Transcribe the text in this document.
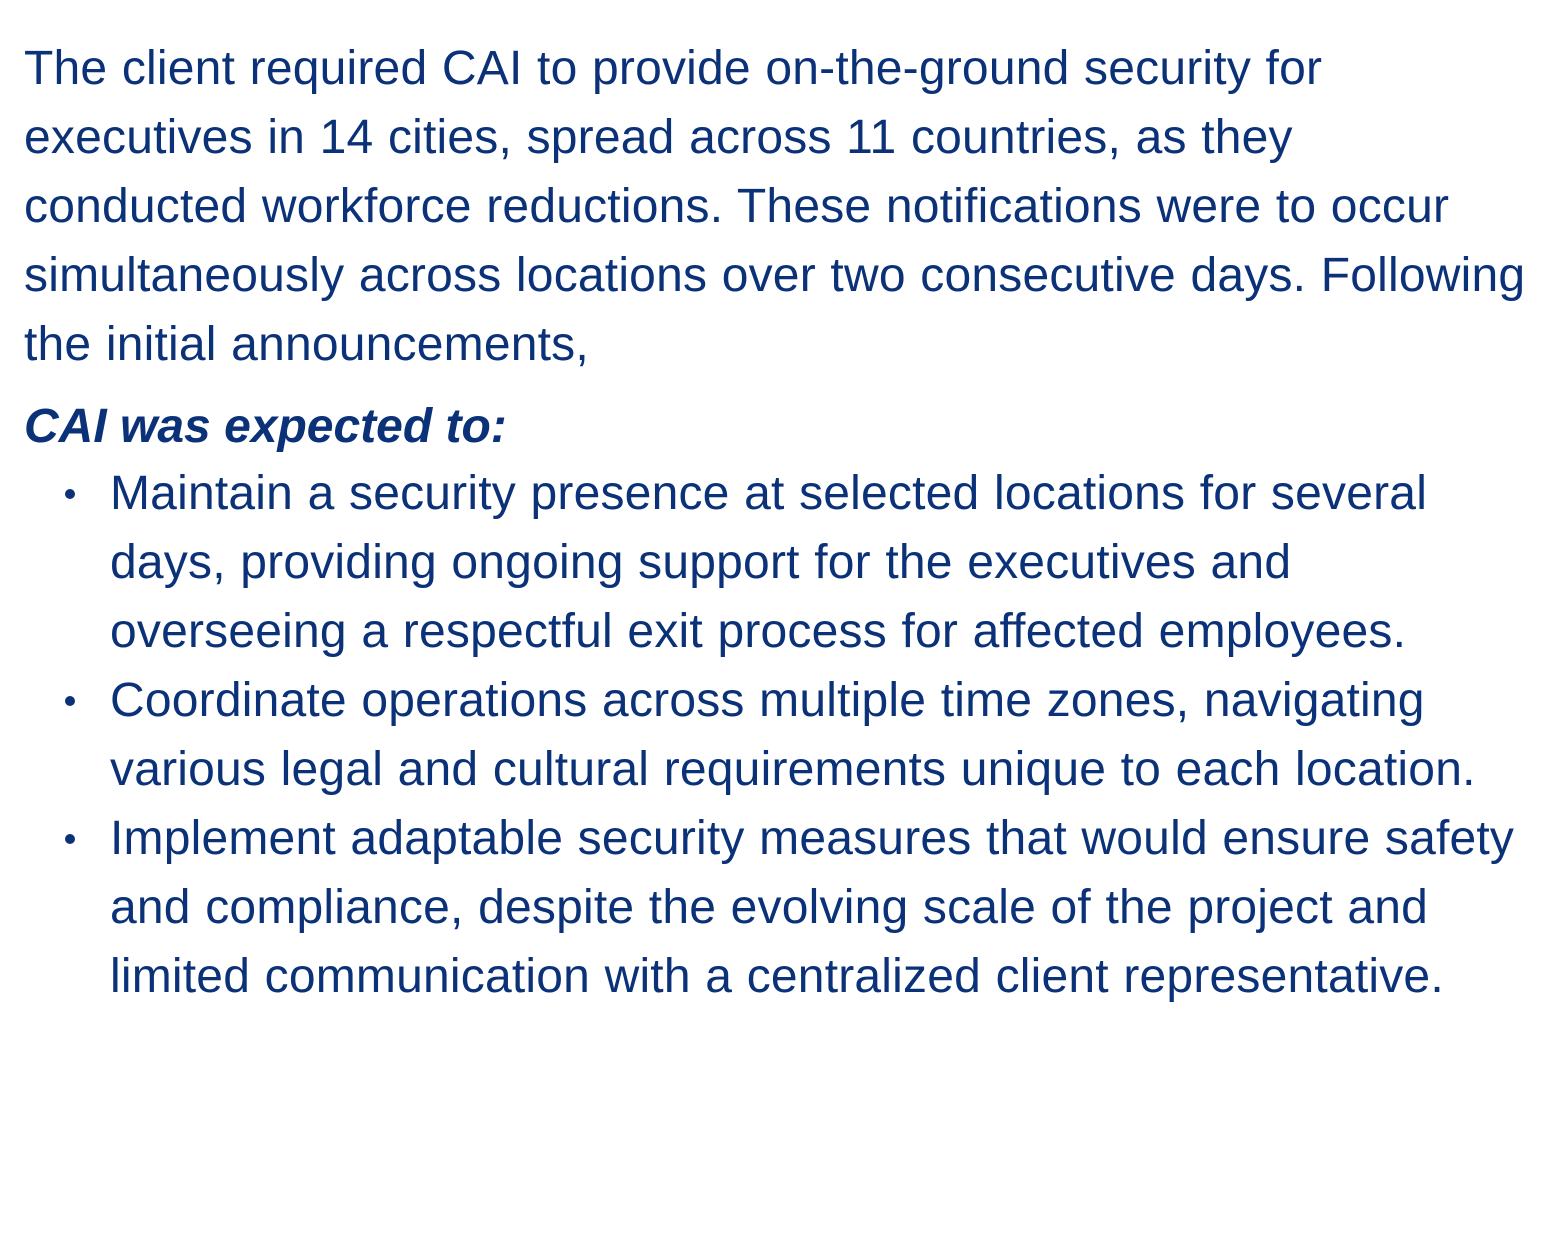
The client required CAI to provide on-the-ground security for executives in 14 cities, spread across 11 countries, as they conducted workforce reductions. These notifications were to occur simultaneously across locations over two consecutive days. Following the initial announcements,

CAI was expected to:
Maintain a security presence at selected locations for several days, providing ongoing support for the executives and overseeing a respectful exit process for affected employees.
Coordinate operations across multiple time zones, navigating various legal and cultural requirements unique to each location.
Implement adaptable security measures that would ensure safety and compliance, despite the evolving scale of the project and limited communication with a centralized client representative.
